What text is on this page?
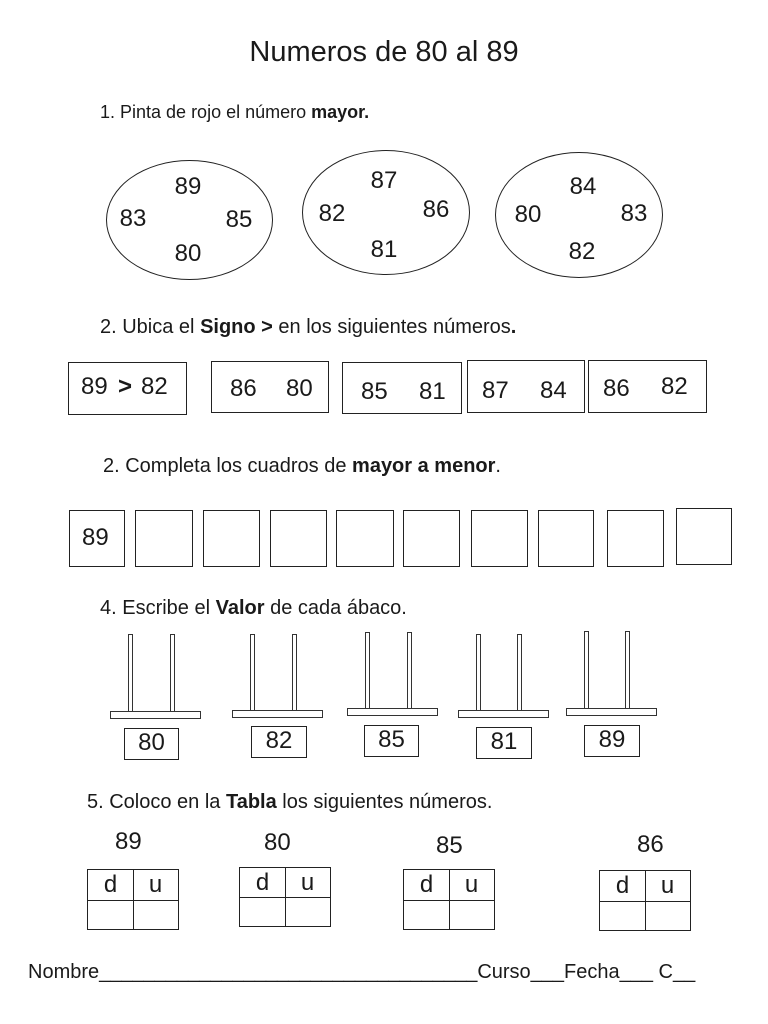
Numeros de 80 al 89
1. Pinta de rojo el número mayor.
89
83	85
80
87
82	86
81
84
80	83
82
2. Ubica el Signo > en los siguientes números.
89 > 82	86 80 85 81 87 84 86 82
2. Completa los cuadros de mayor a menor.
89
4. Escribe el Valor de cada ábaco.
80	82	85	81	89
5. Coloco en la Tabla los siguientes números.
89
d	u
80
d	u
85
d	u
86
d	u
Nombre__________________________________Curso___Fecha___ C__
